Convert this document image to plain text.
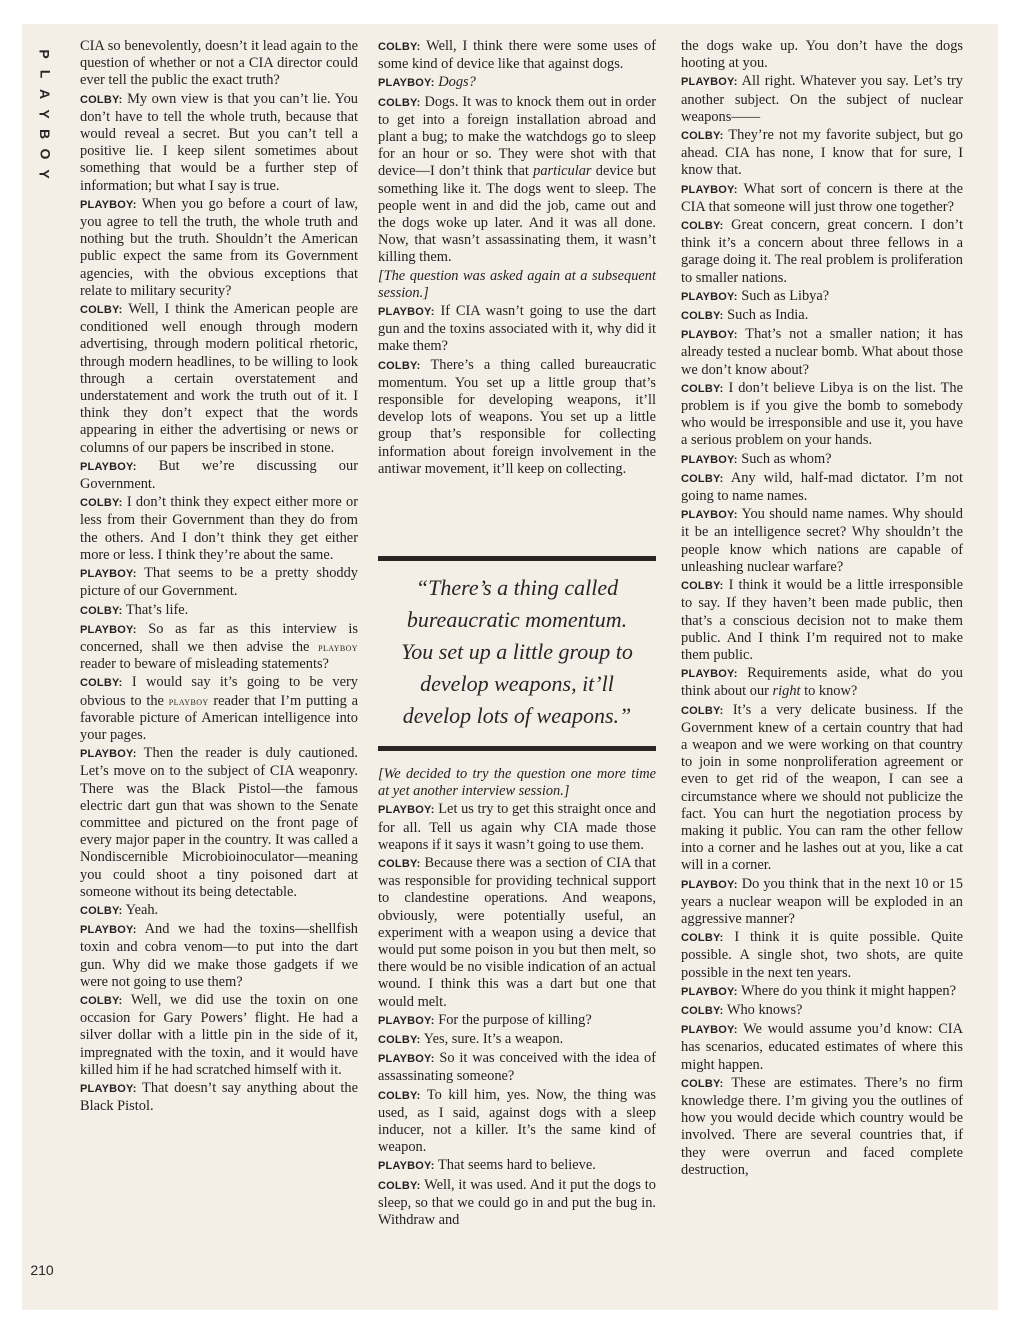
P
L
A
Y
B
O
Y
210

CIA so benevolently, doesn’t it lead again to the question of whether or not a CIA director could ever tell the public the exact truth?

COLBY: My own view is that you can’t lie. You don’t have to tell the whole truth, because that would reveal a secret. But you can’t tell a positive lie. I keep silent sometimes about something that would be a further step of information; but what I say is true.

PLAYBOY: When you go before a court of law, you agree to tell the truth, the whole truth and nothing but the truth. Shouldn’t the American public expect the same from its Government agencies, with the obvious exceptions that relate to military security?

COLBY: Well, I think the American people are conditioned well enough through modern advertising, through modern political rhetoric, through modern headlines, to be willing to look through a certain overstatement and understatement and work the truth out of it. I think they don’t expect that the words appearing in either the advertising or news or columns of our papers be inscribed in stone.

PLAYBOY: But we’re discussing our Government.

COLBY: I don’t think they expect either more or less from their Government than they do from the others. And I don’t think they get either more or less. I think they’re about the same.

PLAYBOY: That seems to be a pretty shoddy picture of our Government.

COLBY: That’s life.

PLAYBOY: So as far as this interview is concerned, shall we then advise the playboy reader to beware of misleading statements?

COLBY: I would say it’s going to be very obvious to the playboy reader that I’m putting a favorable picture of American intelligence into your pages.

PLAYBOY: Then the reader is duly cautioned. Let’s move on to the subject of CIA weaponry. There was the Black Pistol—the famous electric dart gun that was shown to the Senate committee and pictured on the front page of every major paper in the country. It was called a Nondiscernible Microbioinoculator—meaning you could shoot a tiny poisoned dart at someone without its being detectable.

COLBY: Yeah.

PLAYBOY: And we had the toxins—shellfish toxin and cobra venom—to put into the dart gun. Why did we make those gadgets if we were not going to use them?

COLBY: Well, we did use the toxin on one occasion for Gary Powers’ flight. He had a silver dollar with a little pin in the side of it, impregnated with the toxin, and it would have killed him if he had scratched himself with it.

PLAYBOY: That doesn’t say anything about the Black Pistol.

COLBY: Well, I think there were some uses of some kind of device like that against dogs.

PLAYBOY: Dogs?

COLBY: Dogs. It was to knock them out in order to get into a foreign installation abroad and plant a bug; to make the watchdogs go to sleep for an hour or so. They were shot with that device—I don’t think that particular device but something like it. The dogs went to sleep. The people went in and did the job, came out and the dogs woke up later. And it was all done. Now, that wasn’t assassinating them, it wasn’t killing them.

[The question was asked again at a subsequent session.]

PLAYBOY: If CIA wasn’t going to use the dart gun and the toxins associated with it, why did it make them?

COLBY: There’s a thing called bureaucratic momentum. You set up a little group that’s responsible for developing weapons, it’ll develop lots of weapons. You set up a little group that’s responsible for collecting information about foreign involvement in the antiwar movement, it’ll keep on collecting.

“There’s a thing called
bureaucratic momentum.
You set up a little group to
develop weapons, it’ll
develop lots of weapons.”

[We decided to try the question one more time at yet another interview session.]

PLAYBOY: Let us try to get this straight once and for all. Tell us again why CIA made those weapons if it says it wasn’t going to use them.

COLBY: Because there was a section of CIA that was responsible for providing technical support to clandestine operations. And weapons, obviously, were potentially useful, an experiment with a weapon using a device that would put some poison in you but then melt, so there would be no visible indication of an actual wound. I think this was a dart but one that would melt.

PLAYBOY: For the purpose of killing?

COLBY: Yes, sure. It’s a weapon.

PLAYBOY: So it was conceived with the idea of assassinating someone?

COLBY: To kill him, yes. Now, the thing was used, as I said, against dogs with a sleep inducer, not a killer. It’s the same kind of weapon.

PLAYBOY: That seems hard to believe.

COLBY: Well, it was used. And it put the dogs to sleep, so that we could go in and put the bug in. Withdraw and

the dogs wake up. You don’t have the dogs hooting at you.

PLAYBOY: All right. Whatever you say. Let’s try another subject. On the subject of nuclear weapons——

COLBY: They’re not my favorite subject, but go ahead. CIA has none, I know that for sure, I know that.

PLAYBOY: What sort of concern is there at the CIA that someone will just throw one together?

COLBY: Great concern, great concern. I don’t think it’s a concern about three fellows in a garage doing it. The real problem is proliferation to smaller nations.

PLAYBOY: Such as Libya?

COLBY: Such as India.

PLAYBOY: That’s not a smaller nation; it has already tested a nuclear bomb. What about those we don’t know about?

COLBY: I don’t believe Libya is on the list. The problem is if you give the bomb to somebody who would be irresponsible and use it, you have a serious problem on your hands.

PLAYBOY: Such as whom?

COLBY: Any wild, half-mad dictator. I’m not going to name names.

PLAYBOY: You should name names. Why should it be an intelligence secret? Why shouldn’t the people know which nations are capable of unleashing nuclear warfare?

COLBY: I think it would be a little irresponsible to say. If they haven’t been made public, then that’s a conscious decision not to make them public. And I think I’m required not to make them public.

PLAYBOY: Requirements aside, what do you think about our right to know?

COLBY: It’s a very delicate business. If the Government knew of a certain country that had a weapon and we were working on that country to join in some nonproliferation agreement or even to get rid of the weapon, I can see a circumstance where we should not publicize the fact. You can hurt the negotiation process by making it public. You can ram the other fellow into a corner and he lashes out at you, like a cat will in a corner.

PLAYBOY: Do you think that in the next 10 or 15 years a nuclear weapon will be exploded in an aggressive manner?

COLBY: I think it is quite possible. Quite possible. A single shot, two shots, are quite possible in the next ten years.

PLAYBOY: Where do you think it might happen?

COLBY: Who knows?

PLAYBOY: We would assume you’d know: CIA has scenarios, educated estimates of where this might happen.

COLBY: These are estimates. There’s no firm knowledge there. I’m giving you the outlines of how you would decide which country would be involved. There are several countries that, if they were overrun and faced complete destruction,
